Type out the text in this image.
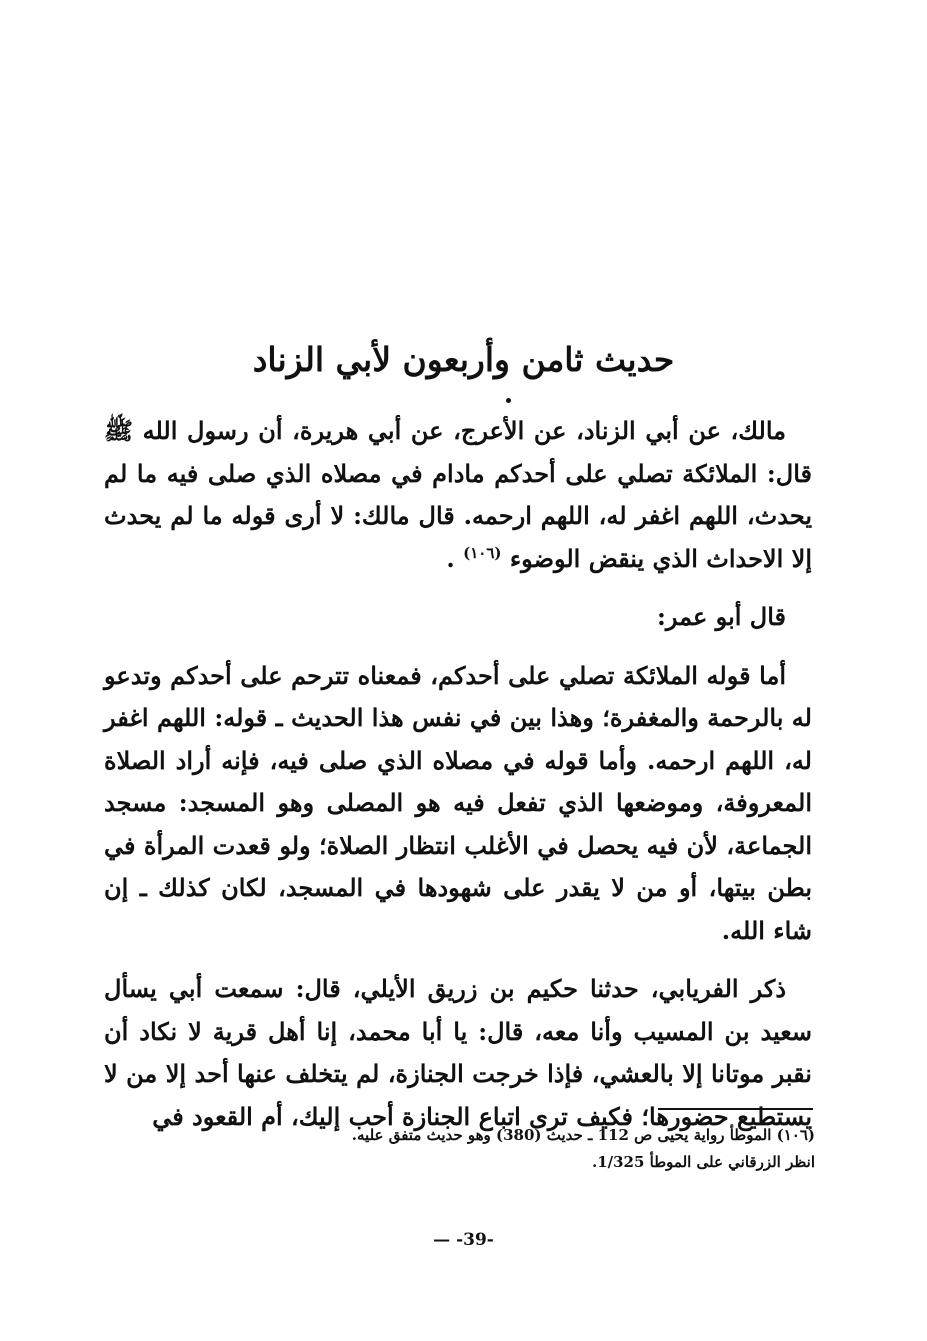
حديث ثامن وأربعون لأبي الزناد

مالك، عن أبي الزناد، عن الأعرج، عن أبي هريرة، أن رسول الله ﷺ قال: الملائكة تصلي على أحدكم مادام في مصلاه الذي صلى فيه ما لم يحدث، اللهم اغفر له، اللهم ارحمه. قال مالك: لا أرى قوله ما لم يحدث إلا الاحداث الذي ينقض الوضوء $^{(١٠٦)}$ .

قال أبو عمر:

أما قوله الملائكة تصلي على أحدكم، فمعناه تترحم على أحدكم وتدعو له بالرحمة والمغفرة؛ وهذا بين في نفس هذا الحديث ـ قوله: اللهم اغفر له، اللهم ارحمه. وأما قوله في مصلاه الذي صلى فيه، فإنه أراد الصلاة المعروفة، وموضعها الذي تفعل فيه هو المصلى وهو المسجد: مسجد الجماعة، لأن فيه يحصل في الأغلب انتظار الصلاة؛ ولو قعدت المرأة في بطن بيتها، أو من لا يقدر على شهودها في المسجد، لكان كذلك ـ إن شاء الله.

ذكر الفريابي، حدثنا حكيم بن زريق الأيلي، قال: سمعت أبي يسأل سعيد بن المسيب وأنا معه، قال: يا أبا محمد، إنا أهل قرية لا نكاد أن نقبر موتانا إلا بالعشي، فإذا خرجت الجنازة، لم يتخلف عنها أحد إلا من لا يستطيع حضورها؛ فكيف ترى اتباع الجنازة أحب إليك، أم القعود في

(١٠٦) الموطأ رواية يحيى ص 112 ـ حديث (380) وهو حديث متفق عليه.

انظر الزرقاني على الموطأ 1/325.

— -39-
